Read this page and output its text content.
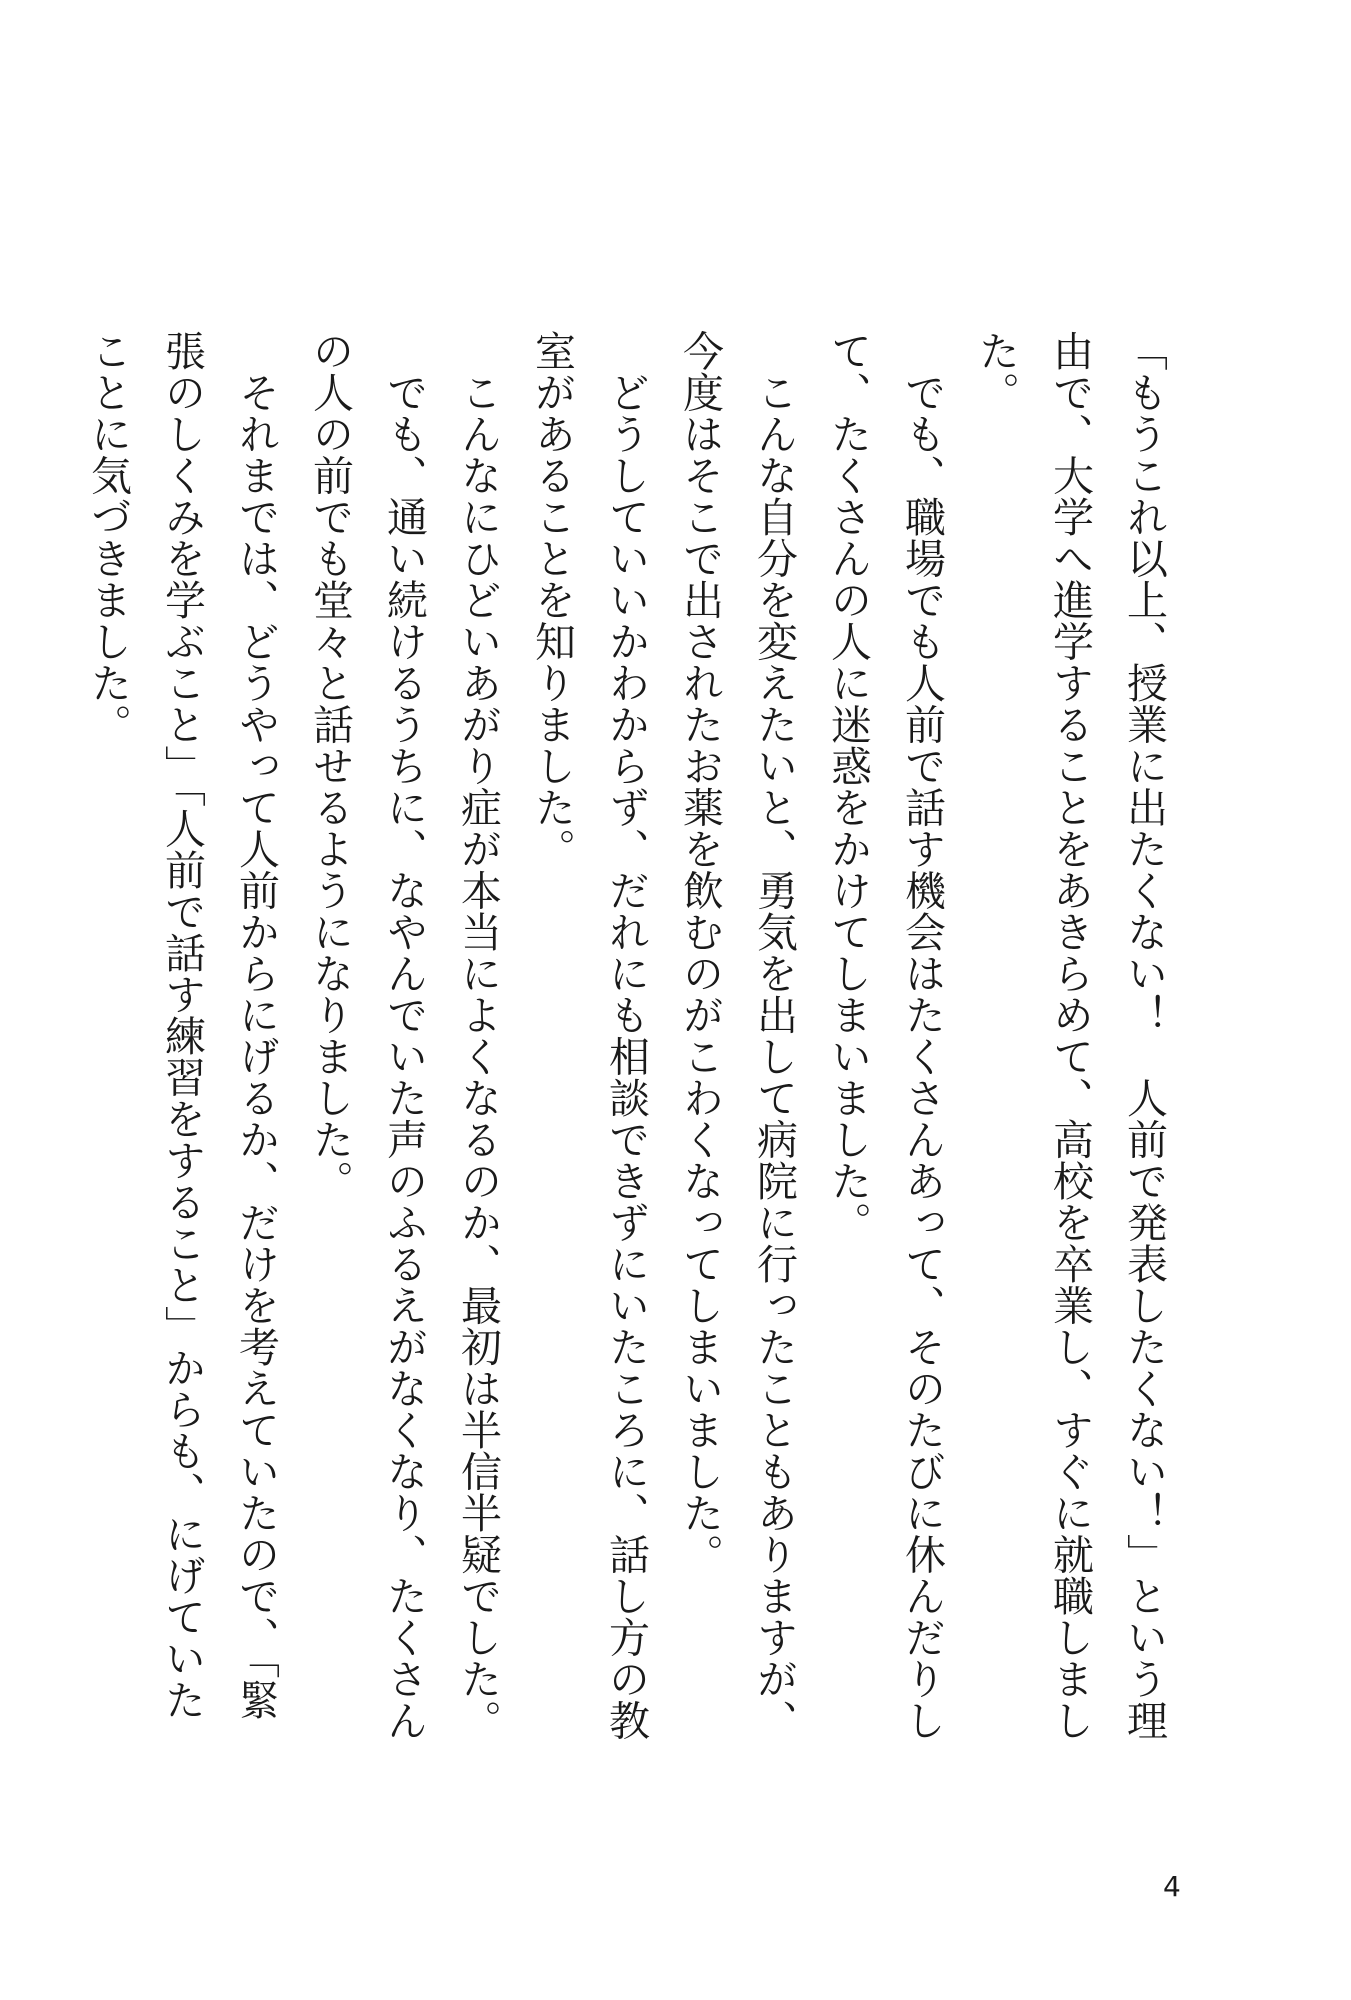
「もうこれ以上、授業に出たくない！　人前で発表したくない！」という理由で、大学へ進学することをあきらめて、高校を卒業し、すぐに就職しました。

　でも、職場でも人前で話す機会はたくさんあって、そのたびに休んだりして、たくさんの人に迷惑をかけてしまいました。

　こんな自分を変えたいと、勇気を出して病院に行ったこともありますが、今度はそこで出されたお薬を飲むのがこわくなってしまいました。

　どうしていいかわからず、だれにも相談できずにいたころに、話し方の教室があることを知りました。

　こんなにひどいあがり症が本当によくなるのか、最初は半信半疑でした。

　でも、通い続けるうちに、なやんでいた声のふるえがなくなり、たくさんの人の前でも堂々と話せるようになりました。

　それまでは、どうやって人前からにげるか、だけを考えていたので、「緊張のしくみを学ぶこと」「人前で話す練習をすること」からも、にげていたことに気づきました。

4
